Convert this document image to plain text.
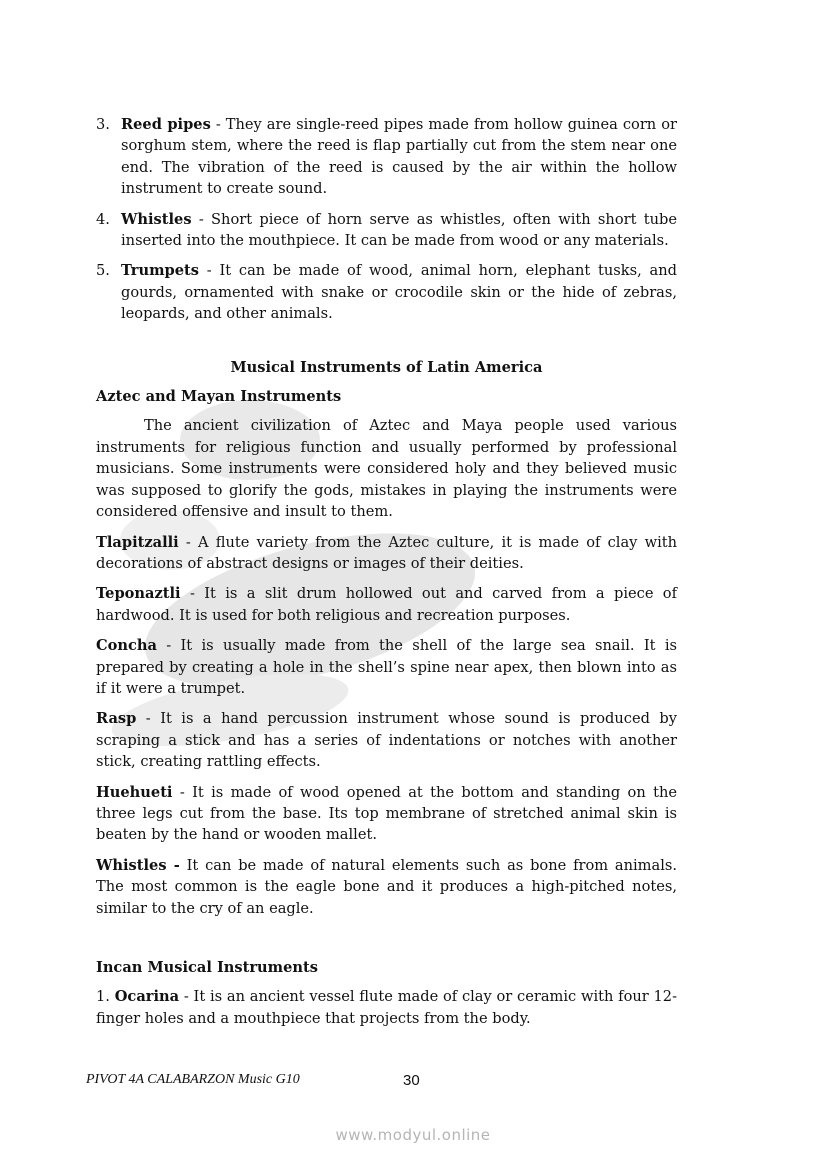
3. Reed pipes - They are single-reed pipes made from hollow guinea corn or sorghum stem, where the reed is flap partially cut from the stem near one end. The vibration of the reed is caused by the air within the hollow instrument to create sound.
4. Whistles - Short piece of horn serve as whistles, often with short tube inserted into the mouthpiece. It can be made from wood or any materials.
5. Trumpets - It can be made of wood, animal horn, elephant tusks, and gourds, ornamented with snake or crocodile skin or the hide of zebras, leopards, and other animals.
Musical Instruments of Latin America
Aztec and Mayan Instruments
The ancient civilization of Aztec and Maya people used various instruments for religious function and usually performed by professional musicians. Some instruments were considered holy and they believed music was supposed to glorify the gods, mistakes in playing the instruments were considered offensive and insult to them.
Tlapitzalli - A flute variety from the Aztec culture, it is made of clay with decorations of abstract designs or images of their deities.
Teponaztli - It is a slit drum hollowed out and carved from a piece of hardwood. It is used for both religious and recreation purposes.
Concha - It is usually made from the shell of the large sea snail. It is prepared by creating a hole in the shell’s spine near apex, then blown into as if it were a trumpet.
Rasp - It is a hand percussion instrument whose sound is produced by scraping a stick and has a series of indentations or notches with another stick, creating rattling effects.
Huehueti - It is made of wood opened at the bottom and standing on the three legs cut from the base. Its top membrane of stretched animal skin is beaten by the hand or wooden mallet.
Whistles - It can be made of natural elements such as bone from animals. The most common is the eagle bone and it produces a high-pitched notes, similar to the cry of an eagle.
Incan Musical Instruments
1. Ocarina - It is an ancient vessel flute made of clay or ceramic with four 12-finger holes and a mouthpiece that projects from the body.
PIVOT 4A CALABARZON Music G10	30
www.modyul.online
